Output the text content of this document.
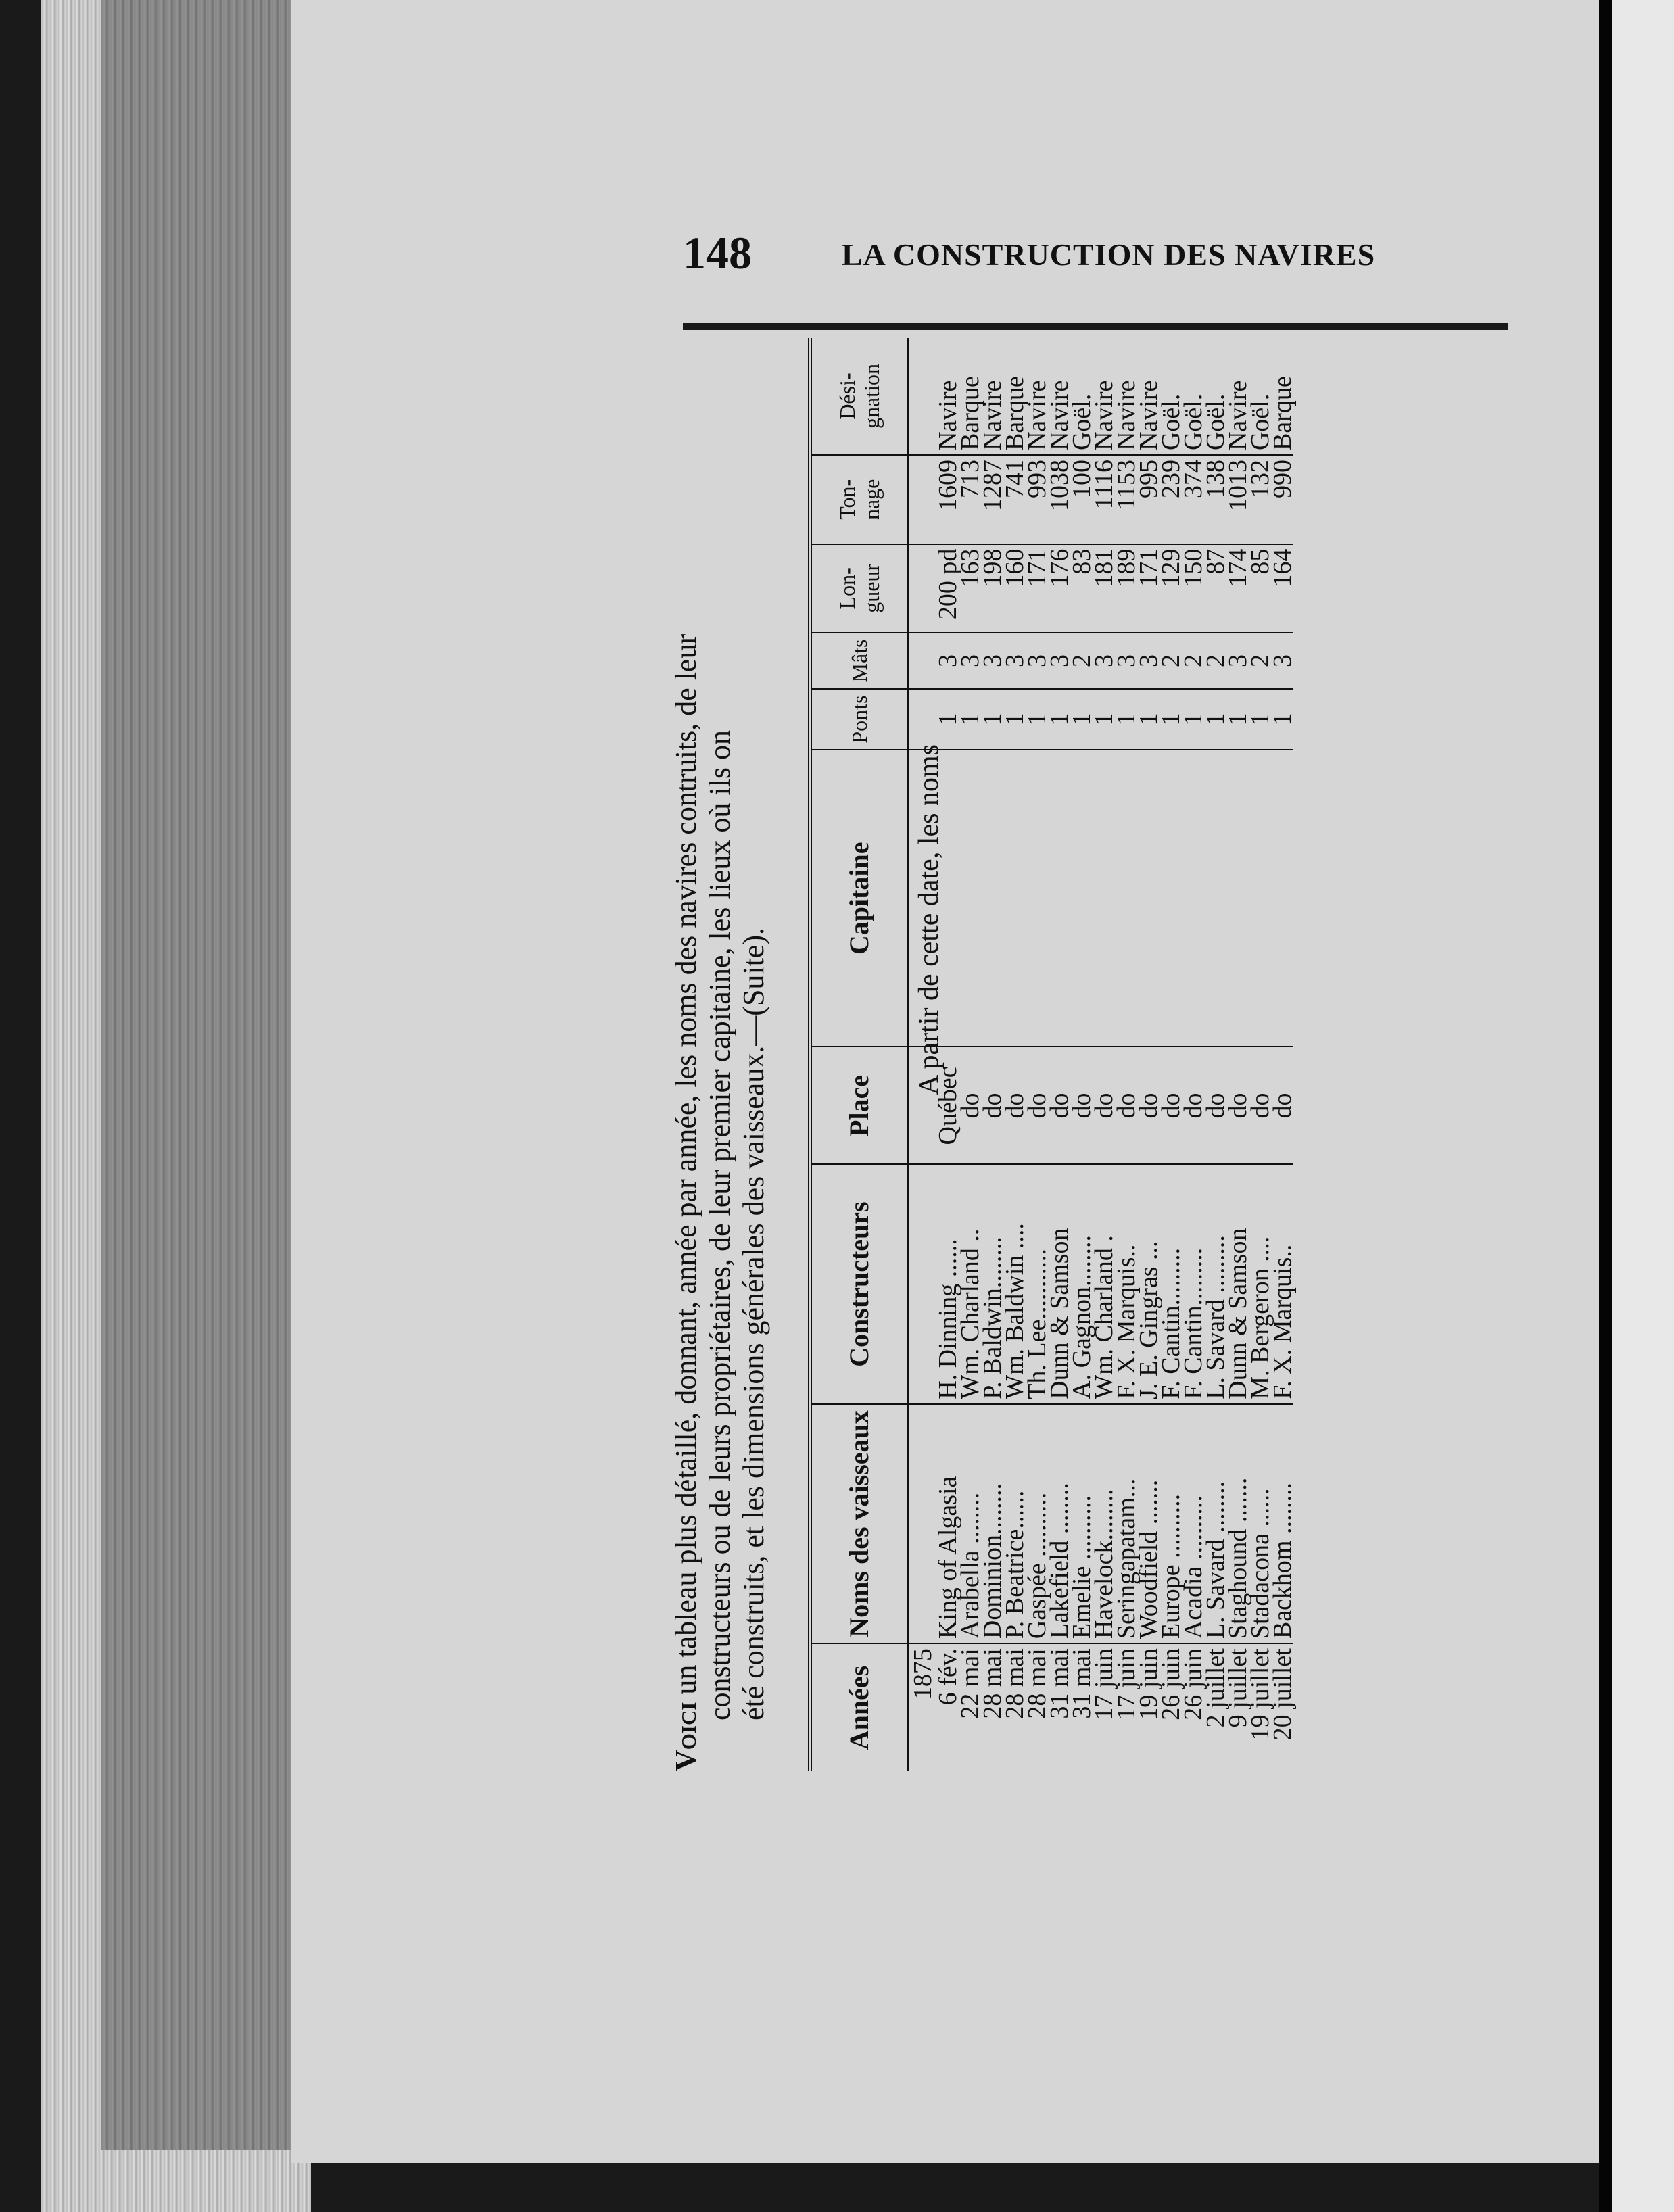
148	LA CONSTRUCTION DES NAVIRES
Voici un tableau plus détaillé, donnant, année par année, les noms des navires contruits, de leur constructeurs ou de leurs propriétaires, de leur premier capitaine, les lieux où ils on été construits, et les dimensions générales des vaisseaux.—(Suite).	Années	Noms des vaisseaux	Constructeurs	Place	Capitaine	Ponts	Mâts	Lon- gueur	Ton- nage	Dési- gnation
1875									
6 fév.	King of Algasia	H. Dinning ......	Québec		1	3	200 pd	1609	Navire
22 mai	Arabella ........	Wm. Charland ..	do		1	3	163	713	Barque
28 mai	Dominion........	P. Baldwin........	do		1	3	198	1287	Navire
28 mai	P. Beatrice......	Wm. Baldwin ....	do		1	3	160	741	Barque
28 mai	Gaspée ..........	Th. Lee...........	do		1	3	171	993	Navire
31 mai	Lakefield ........	Dunn & Samson	do		1	3	176	1038	Navire
31 mai	Emelie ..........	A. Gagnon........	do		1	2	83	100	Goël.
17 juin	Havelock........	Wm. Charland .	do		1	3	181	1116	Navire
17 juin	Seringapatam...	F. X. Marquis..	do		1	3	189	1153	Navire
19 juin	Woodfield .......	J. E. Gingras ...	do		1	3	171	995	Navire
26 juin	Europe ..........	F. Cantin.........	do		1	2	129	239	Goël.
26 juin	Acadia ..........	F. Cantin.........	do		1	2	150	374	Goël.
2 juillet	L. Savard ........	L. Savard .........	do		1	2	87	138	Goël.
9 juillet	Staghound .......	Dunn & Samson	do		1	3	174	1013	Navire
19 juillet	Stadacona ......	M. Bergeron ....	do		1	2	85	132	Goël.
20 juillet	Backhom ........	F. X. Marquis..	do		1	3	164	990	Barque
A partir de cette date, les noms
